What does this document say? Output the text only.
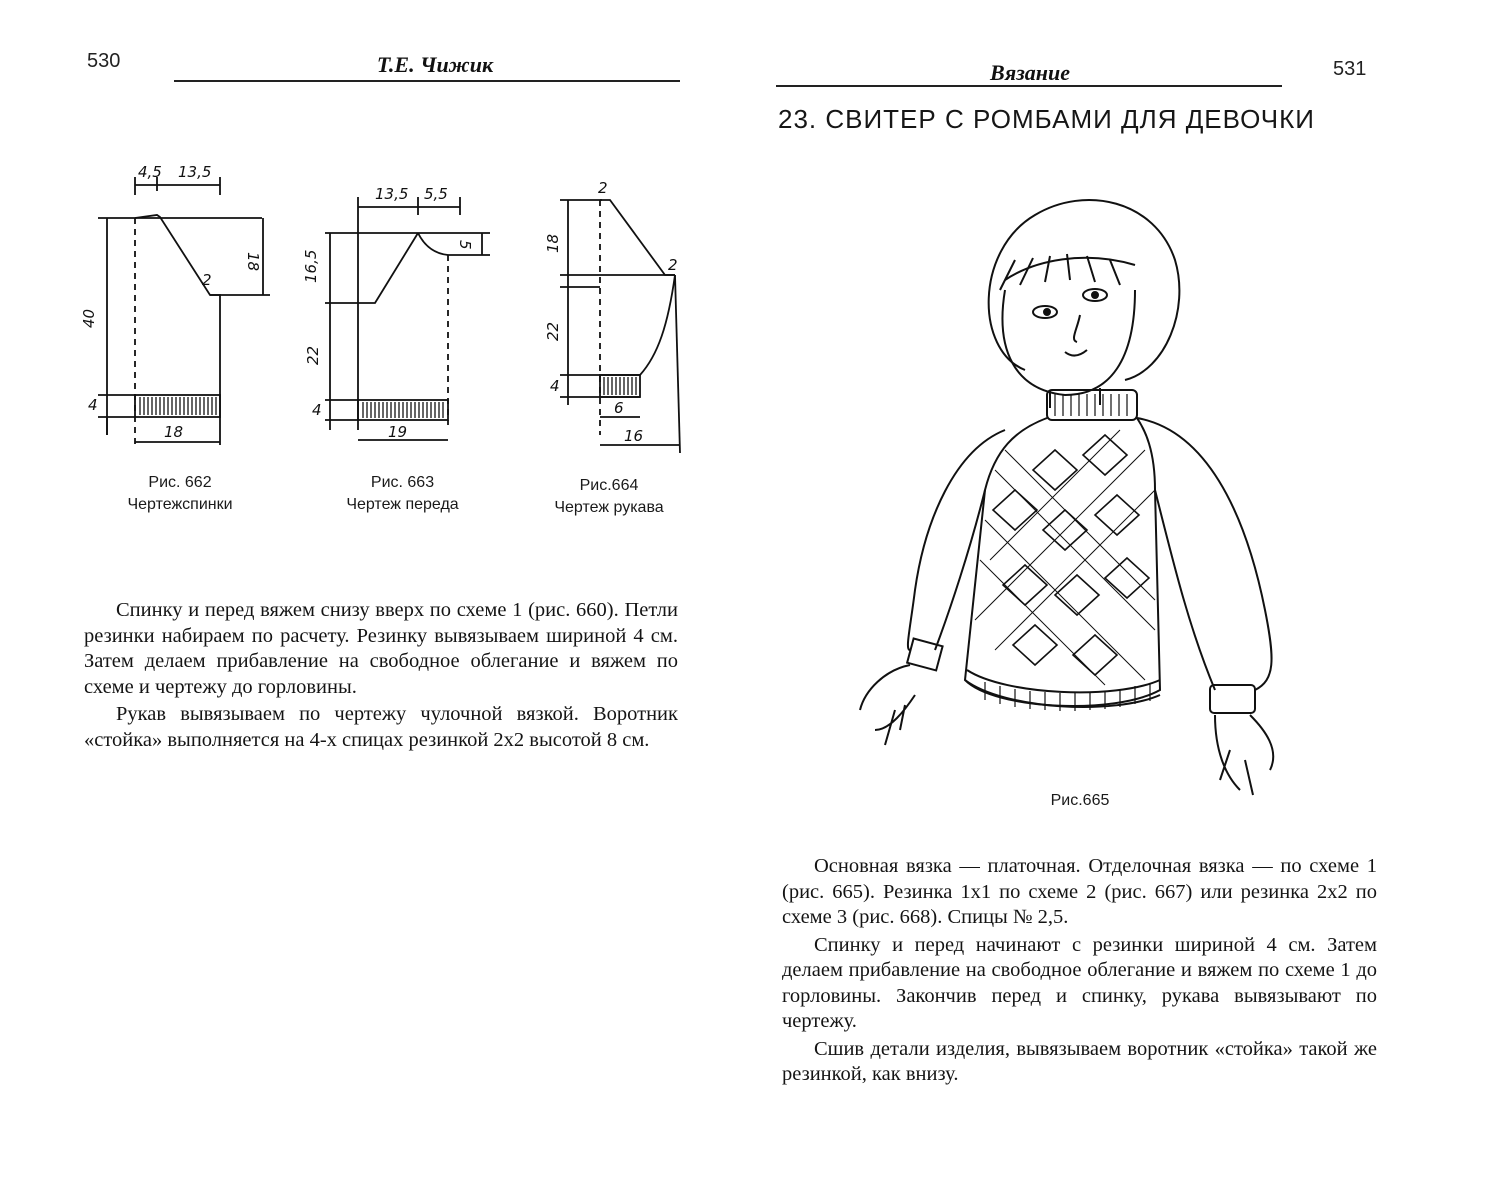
530	Т.Е. Чижик
4,5 13,5
40
18
4
2
18
Рис. 662
Чертежспинки
13,5 5,5
5
16,5
22
4
19
Рис. 663
Чертеж переда
2
18
2
22
4
6
16
Рис.664
Чертеж рукава

Спинку и перед вяжем снизу вверх по схеме 1 (рис. 660). Петли резинки набираем по расчету. Резинку вывязываем шириной 4 см. Затем делаем прибавление на свободное облегание и вяжем по схеме и чертежу до горловины.

Рукав вывязываем по чертежу чулочной вязкой. Воротник «стойка» выполняется на 4-х спицах резинкой 2х2 высотой 8 см.

Вязание	531
23. СВИТЕР С РОМБАМИ ДЛЯ ДЕВОЧКИ
Рис.665

Основная вязка — платочная. Отделочная вязка — по схеме 1 (рис. 665). Резинка 1x1 по схеме 2 (рис. 667) или резинка 2х2 по схеме 3 (рис. 668). Спицы № 2,5.

Спинку и перед начинают с резинки шириной 4 см. Затем делаем прибавление на свободное облегание и вяжем по схеме 1 до горловины. Закончив перед и спинку, рукава вывязывают по чертежу.

Сшив детали изделия, вывязываем воротник «стойка» такой же резинкой, как внизу.
